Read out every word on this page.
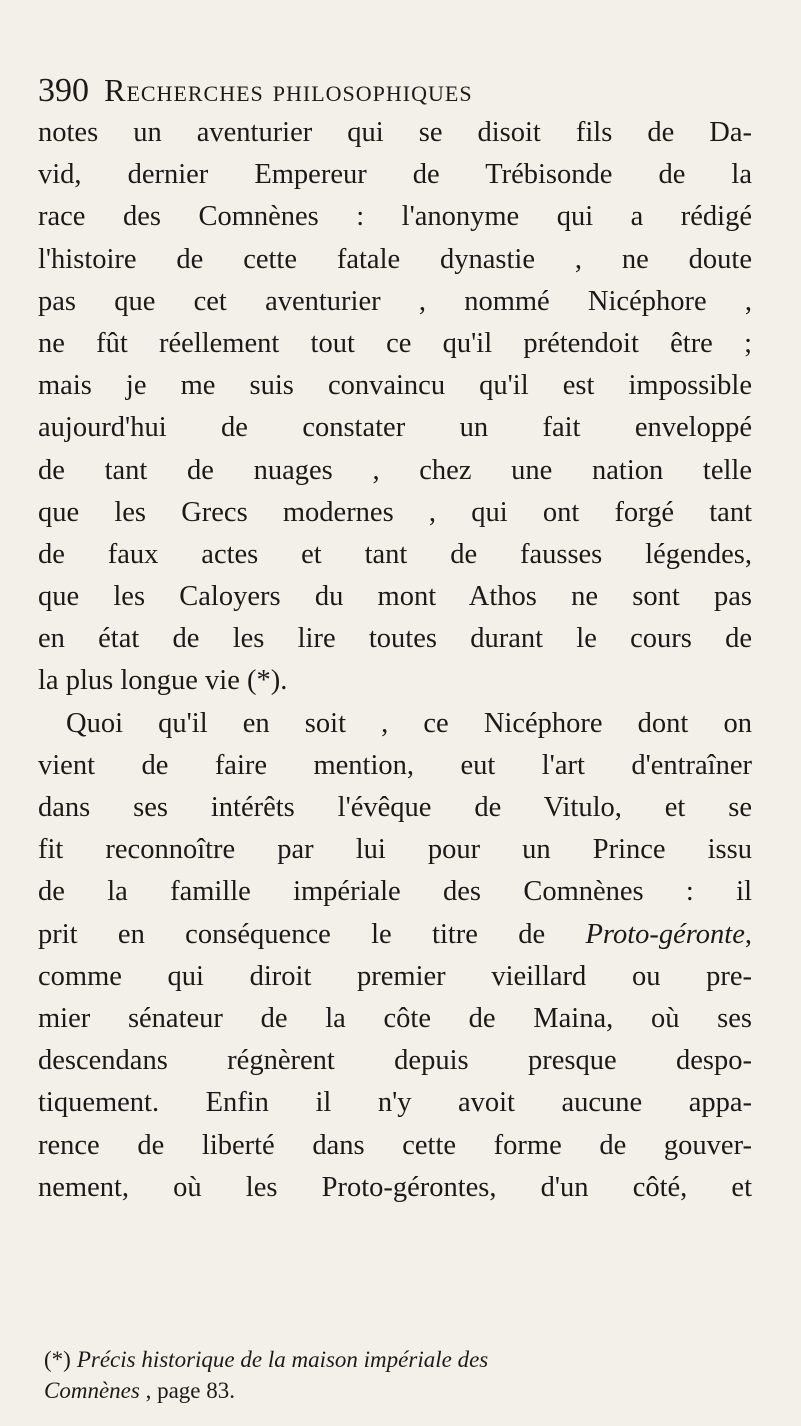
390 Recherches philosophiques
notes un aventurier qui se disoit fils de Da-
vid, dernier Empereur de Trébisonde de la
race des Comnènes : l'anonyme qui a rédigé
l'histoire de cette fatale dynastie , ne doute
pas que cet aventurier , nommé Nicéphore ,
ne fût réellement tout ce qu'il prétendoit être ;
mais je me suis convaincu qu'il est impossible
aujourd'hui de constater un fait enveloppé
de tant de nuages , chez une nation telle
que les Grecs modernes , qui ont forgé tant
de faux actes et tant de fausses légendes,
que les Caloyers du mont Athos ne sont pas
en état de les lire toutes durant le cours de
la plus longue vie (*).
Quoi qu'il en soit , ce Nicéphore dont on
vient de faire mention, eut l'art d'entraîner
dans ses intérêts l'évêque de Vitulo, et se
fit reconnoître par lui pour un Prince issu
de la famille impériale des Comnènes : il
prit en conséquence le titre de Proto-géronte,
comme qui diroit premier vieillard ou pre-
mier sénateur de la côte de Maina, où ses
descendans régnèrent depuis presque despo-
tiquement. Enfin il n'y avoit aucune appa-
rence de liberté dans cette forme de gouver-
nement, où les Proto-gérontes, d'un côté, et
(*) Précis historique de la maison impériale des
Comnènes , page 83.
